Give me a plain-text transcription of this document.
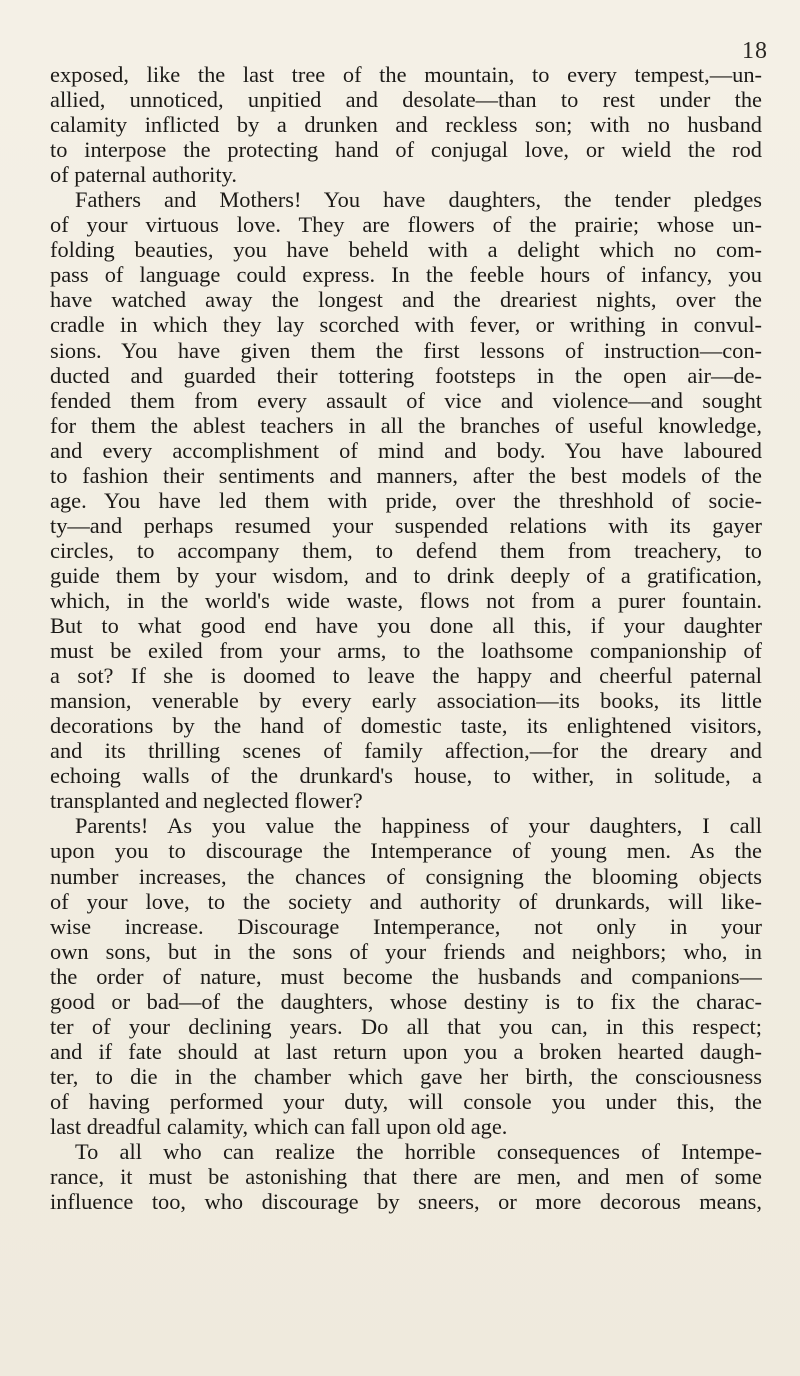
18

exposed, like the last tree of the mountain, to every tempest,—un-

allied, unnoticed, unpitied and desolate—than to rest under the

calamity inflicted by a drunken and reckless son; with no husband

to interpose the protecting hand of conjugal love, or wield the rod

of paternal authority.

Fathers and Mothers! You have daughters, the tender pledges

of your virtuous love. They are flowers of the prairie; whose un-

folding beauties, you have beheld with a delight which no com-

pass of language could express. In the feeble hours of infancy, you

have watched away the longest and the dreariest nights, over the

cradle in which they lay scorched with fever, or writhing in convul-

sions. You have given them the first lessons of instruction—con-

ducted and guarded their tottering footsteps in the open air—de-

fended them from every assault of vice and violence—and sought

for them the ablest teachers in all the branches of useful knowledge,

and every accomplishment of mind and body. You have laboured

to fashion their sentiments and manners, after the best models of the

age. You have led them with pride, over the threshhold of socie-

ty—and perhaps resumed your suspended relations with its gayer

circles, to accompany them, to defend them from treachery, to

guide them by your wisdom, and to drink deeply of a gratification,

which, in the world's wide waste, flows not from a purer fountain.

But to what good end have you done all this, if your daughter

must be exiled from your arms, to the loathsome companionship of

a sot? If she is doomed to leave the happy and cheerful paternal

mansion, venerable by every early association—its books, its little

decorations by the hand of domestic taste, its enlightened visitors,

and its thrilling scenes of family affection,—for the dreary and

echoing walls of the drunkard's house, to wither, in solitude, a

transplanted and neglected flower?

Parents! As you value the happiness of your daughters, I call

upon you to discourage the Intemperance of young men. As the

number increases, the chances of consigning the blooming objects

of your love, to the society and authority of drunkards, will like-

wise increase. Discourage Intemperance, not only in your

own sons, but in the sons of your friends and neighbors; who, in

the order of nature, must become the husbands and companions—

good or bad—of the daughters, whose destiny is to fix the charac-

ter of your declining years. Do all that you can, in this respect;

and if fate should at last return upon you a broken hearted daugh-

ter, to die in the chamber which gave her birth, the consciousness

of having performed your duty, will console you under this, the

last dreadful calamity, which can fall upon old age.

To all who can realize the horrible consequences of Intempe-

rance, it must be astonishing that there are men, and men of some

influence too, who discourage by sneers, or more decorous means,
